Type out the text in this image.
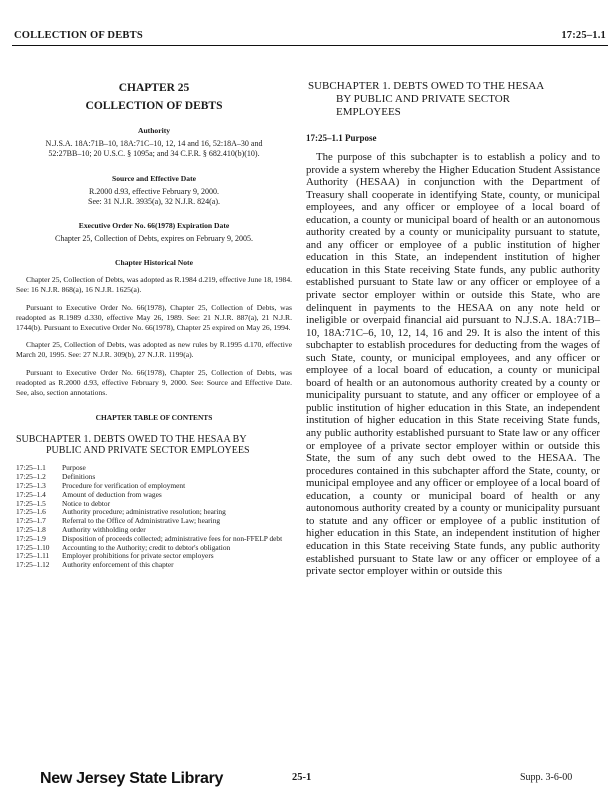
COLLECTION OF DEBTS	17:25–1.1
CHAPTER 25
COLLECTION OF DEBTS
Authority
N.J.S.A. 18A:71B–10, 18A:71C–10, 12, 14 and 16, 52:18A–30 and 52:27BB–10; 20 U.S.C. § 1095a; and 34 C.F.R. § 682.410(b)(10).
Source and Effective Date
R.2000 d.93, effective February 9, 2000.
See: 31 N.J.R. 3935(a), 32 N.J.R. 824(a).
Executive Order No. 66(1978) Expiration Date
Chapter 25, Collection of Debts, expires on February 9, 2005.
Chapter Historical Note

Chapter 25, Collection of Debts, was adopted as R.1984 d.219, effective June 18, 1984. See: 16 N.J.R. 868(a), 16 N.J.R. 1625(a).

Pursuant to Executive Order No. 66(1978), Chapter 25, Collection of Debts, was readopted as R.1989 d.330, effective May 26, 1989. See: 21 N.J.R. 887(a), 21 N.J.R. 1744(b). Pursuant to Executive Order No. 66(1978), Chapter 25 expired on May 26, 1994.

Chapter 25, Collection of Debts, was adopted as new rules by R.1995 d.170, effective March 20, 1995. See: 27 N.J.R. 309(b), 27 N.J.R. 1199(a).

Pursuant to Executive Order No. 66(1978), Chapter 25, Collection of Debts, was readopted as R.2000 d.93, effective February 9, 2000. See: Source and Effective Date. See, also, section annotations.

CHAPTER TABLE OF CONTENTS
SUBCHAPTER 1. DEBTS OWED TO THE HESAA BY
PUBLIC AND PRIVATE SECTOR EMPLOYEES
17:25–1.1	Purpose
17:25–1.2	Definitions
17:25–1.3	Procedure for verification of employment
17:25–1.4	Amount of deduction from wages
17:25–1.5	Notice to debtor
17:25–1.6	Authority procedure; administrative resolution; hearing
17:25–1.7	Referral to the Office of Administrative Law; hearing
17:25–1.8	Authority withholding order
17:25–1.9	Disposition of proceeds collected; administrative fees for non-FFELP debt
17:25–1.10	Accounting to the Authority; credit to debtor's obligation
17:25–1.11	Employer prohibitions for private sector employers
17:25–1.12	Authority enforcement of this chapter
SUBCHAPTER 1. DEBTS OWED TO THE HESAA
BY PUBLIC AND PRIVATE SECTOR
EMPLOYEES
17:25–1.1 Purpose
The purpose of this subchapter is to establish a policy and to provide a system whereby the Higher Education Student Assistance Authority (HESAA) in conjunction with the Department of Treasury shall cooperate in identifying State, county, or municipal employees, and any officer or employee of a local board of education, a county or municipal board of health or an autonomous authority created by a county or municipality pursuant to statute, and any officer or employee of a public institution of higher education in this State, an independent institution of higher education in this State receiving State funds, any public authority established pursuant to State law or any officer or employee of a private sector employer within or outside this State, who are delinquent in payments to the HESAA on any note held or ineligible or overpaid financial aid pursuant to N.J.S.A. 18A:71B–10, 18A:71C–6, 10, 12, 14, 16 and 29. It is also the intent of this subchapter to establish procedures for deducting from the wages of such State, county, or municipal employees, and any officer or employee of a local board of education, a county or municipal board of health or an autonomous authority created by a county or municipality pursuant to statute, and any officer or employee of a public institution of higher education in this State, an independent institution of higher education in this State receiving State funds, any public authority established pursuant to State law or any officer or employee of a private sector employer within or outside this State, the sum of any such debt owed to the HESAA. The procedures contained in this subchapter afford the State, county, or municipal employee and any officer or employee of a local board of education, a county or municipal board of health or any autonomous authority created by a county or municipality pursuant to statute and any officer or employee of a public institution of higher education in this State, an independent institution of higher education in this State receiving State funds, any public authority established pursuant to State law or any officer or employee of a private sector employer within or outside this
New Jersey State Library	25-1	Supp. 3-6-00
